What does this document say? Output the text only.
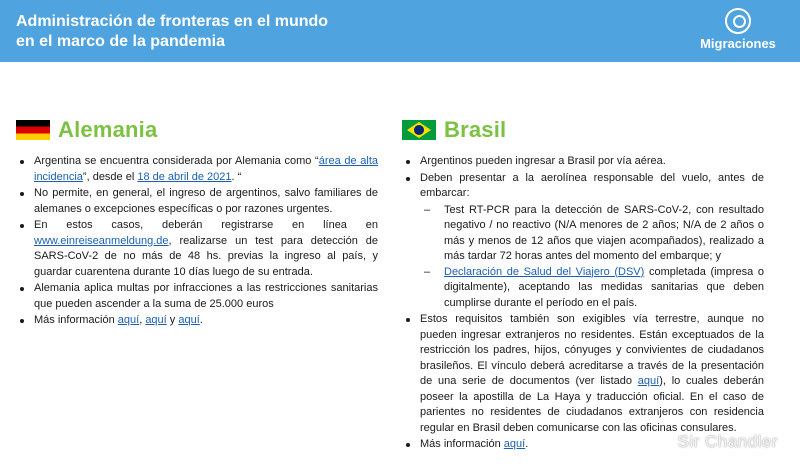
Administración de fronteras en el mundo
en el marco de la pandemia	Migraciones
Alemania
Argentina se encuentra considerada por Alemania como “área de alta incidencia”, desde el 18 de abril de 2021. “
No permite, en general, el ingreso de argentinos, salvo familiares de alemanes o excepciones específicas o por razones urgentes.
En estos casos, deberán registrarse en línea en www.einreiseanmeldung.de, realizarse un test para detección de SARS-CoV-2 de no más de 48 hs. previas la ingreso al país, y guardar cuarentena durante 10 días luego de su entrada.
Alemania aplica multas por infracciones a las restricciones sanitarias que pueden ascender a la suma de 25.000 euros
Más información aquí, aquí y aquí.
Brasil
Argentinos pueden ingresar a Brasil por vía aérea.
Deben presentar a la aerolínea responsable del vuelo, antes de embarcar:
– Test RT-PCR para la detección de SARS-CoV-2, con resultado negativo / no reactivo (N/A menores de 2 años; N/A de 2 años o más y menos de 12 años que viajen acompañados), realizado a más tardar 72 horas antes del momento del embarque; y
– Declaración de Salud del Viajero (DSV) completada (impresa o digitalmente), aceptando las medidas sanitarias que deben cumplirse durante el período en el país.
Estos requisitos también son exigibles vía terrestre, aunque no pueden ingresar extranjeros no residentes. Están exceptuados de la restricción los padres, hijos, cónyuges y convivientes de ciudadanos brasileños. El vínculo deberá acreditarse a través de la presentación de una serie de documentos (ver listado aquí), lo cuales deberán poseer la apostilla de La Haya y traducción oficial. En el caso de parientes no residentes de ciudadanos extranjeros con residencia regular en Brasil deben comunicarse con las oficinas consulares.
Más información aquí.	Sir Chandler
